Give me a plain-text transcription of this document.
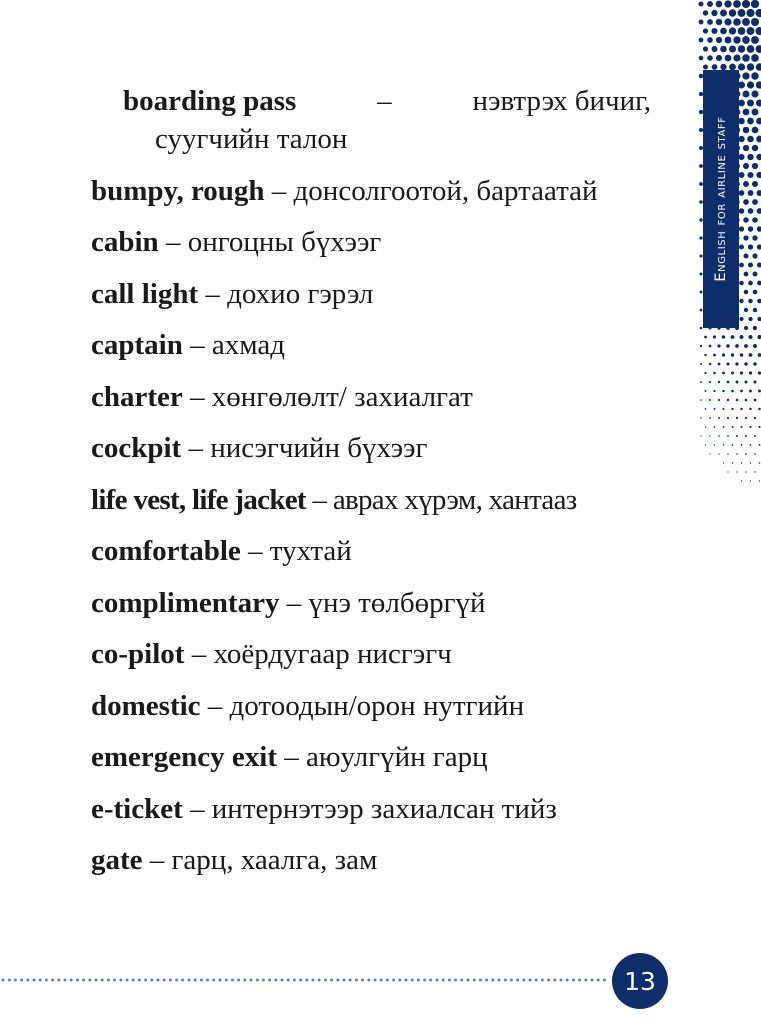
English for airline staff
boarding pass	–	нэвтрэх бичиг,
суугчийн талон
bumpy, rough – донсолгоотой, бартаатай
cabin – онгоцны бүхээг
call light – дохио гэрэл
captain – ахмад
charter – хөнгөлөлт/ захиалгат
cockpit – нисэгчийн бүхээг
life vest, life jacket – аврах хүрэм, хантааз
comfortable – тухтай
complimentary – үнэ төлбөргүй
co-pilot – хоёрдугаар нисгэгч
domestic – дотоодын/орон нутгийн
emergency exit – аюулгүйн гарц
e-ticket – интернэтээр захиалсан тийз
gate – гарц, хаалга, зам
13
